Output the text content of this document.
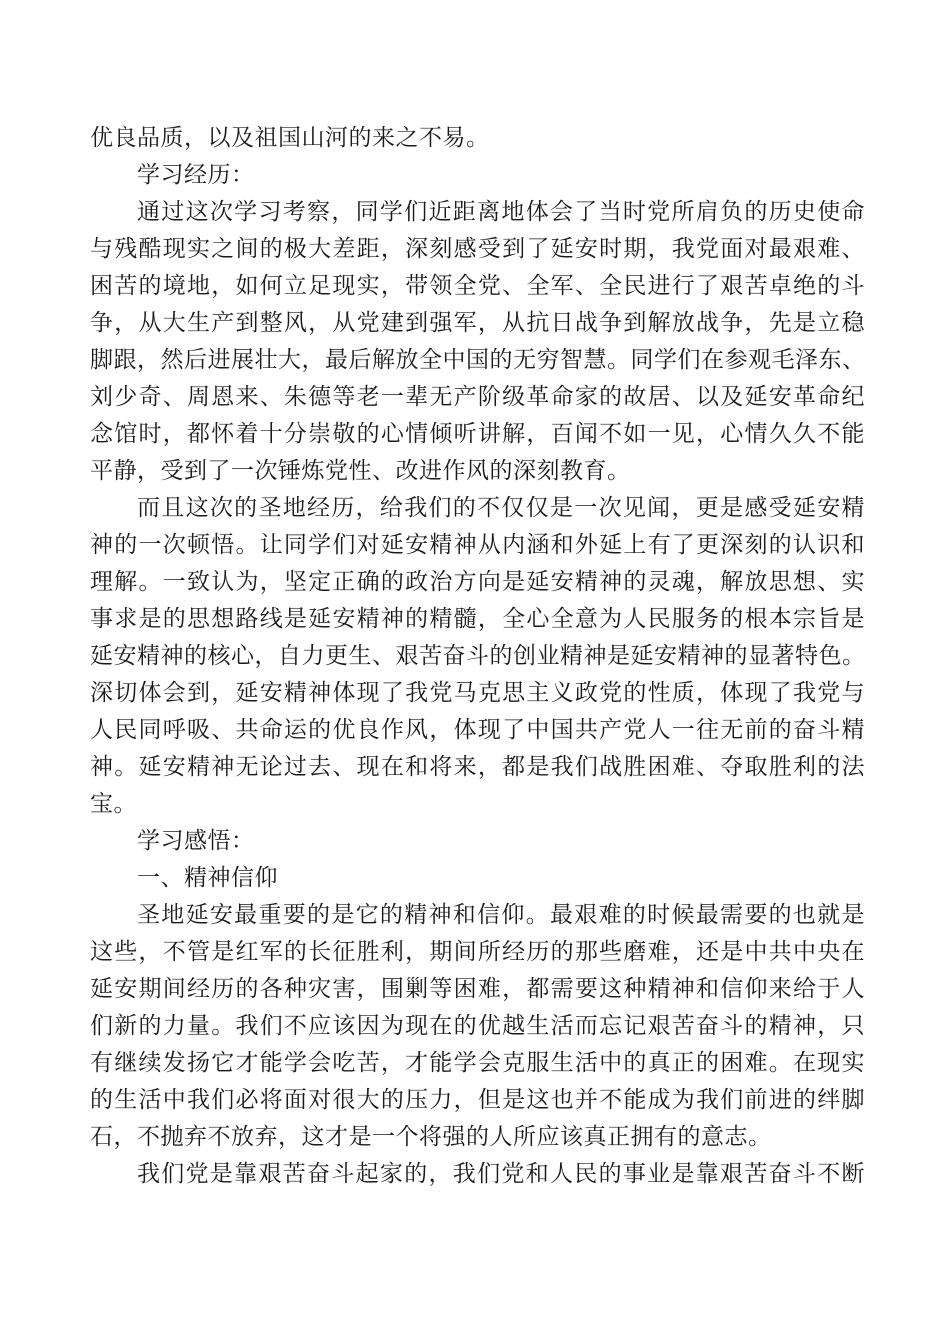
优良品质，以及祖国山河的来之不易。
学习经历：
通过这次学习考察，同学们近距离地体会了当时党所肩负的历史使命
与残酷现实之间的极大差距，深刻感受到了延安时期，我党面对最艰难、
困苦的境地，如何立足现实，带领全党、全军、全民进行了艰苦卓绝的斗
争，从大生产到整风，从党建到强军，从抗日战争到解放战争，先是立稳
脚跟，然后进展壮大，最后解放全中国的无穷智慧。同学们在参观毛泽东、
刘少奇、周恩来、朱德等老一辈无产阶级革命家的故居、以及延安革命纪
念馆时，都怀着十分崇敬的心情倾听讲解，百闻不如一见，心情久久不能
平静，受到了一次锤炼党性、改进作风的深刻教育。
而且这次的圣地经历，给我们的不仅仅是一次见闻，更是感受延安精
神的一次顿悟。让同学们对延安精神从内涵和外延上有了更深刻的认识和
理解。一致认为，坚定正确的政治方向是延安精神的灵魂，解放思想、实
事求是的思想路线是延安精神的精髓，全心全意为人民服务的根本宗旨是
延安精神的核心，自力更生、艰苦奋斗的创业精神是延安精神的显著特色。
深切体会到，延安精神体现了我党马克思主义政党的性质，体现了我党与
人民同呼吸、共命运的优良作风，体现了中国共产党人一往无前的奋斗精
神。延安精神无论过去、现在和将来，都是我们战胜困难、夺取胜利的法
宝。
学习感悟：
一、精神信仰
圣地延安最重要的是它的精神和信仰。最艰难的时候最需要的也就是
这些，不管是红军的长征胜利，期间所经历的那些磨难，还是中共中央在
延安期间经历的各种灾害，围剿等困难，都需要这种精神和信仰来给于人
们新的力量。我们不应该因为现在的优越生活而忘记艰苦奋斗的精神，只
有继续发扬它才能学会吃苦，才能学会克服生活中的真正的困难。在现实
的生活中我们必将面对很大的压力，但是这也并不能成为我们前进的绊脚
石，不抛弃不放弃，这才是一个将强的人所应该真正拥有的意志。
我们党是靠艰苦奋斗起家的，我们党和人民的事业是靠艰苦奋斗不断
